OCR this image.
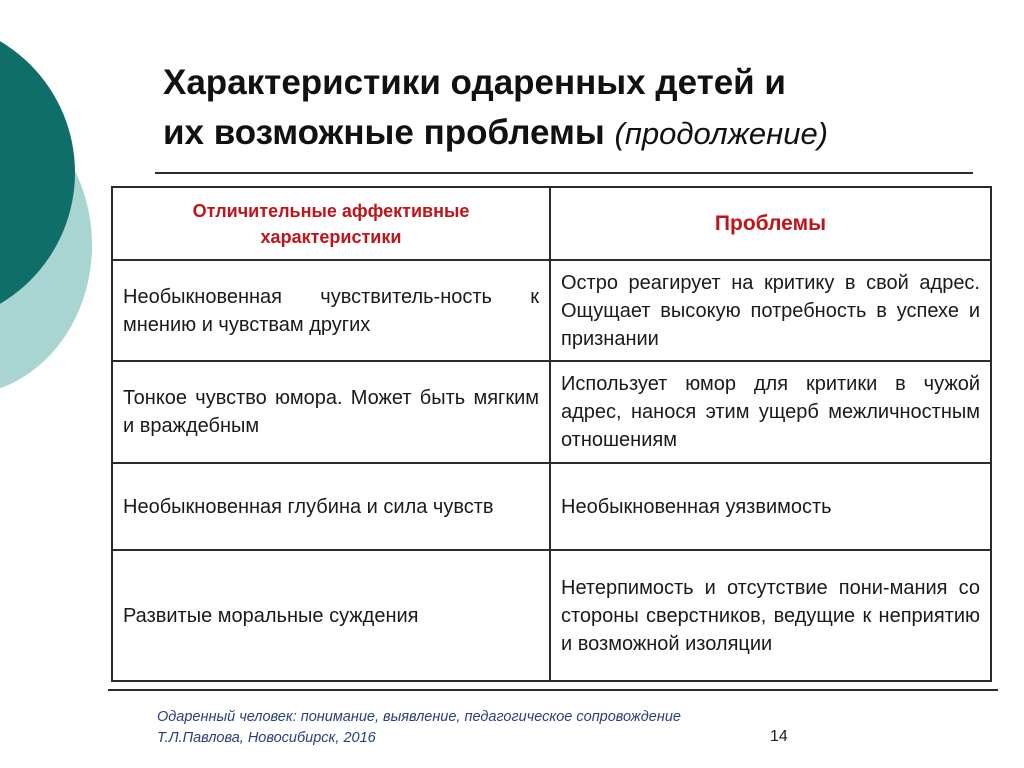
Характеристики одаренных детей и
их возможные проблемы (продолжение)
Отличительные аффективные характеристики	Проблемы
Необыкновенная чувствитель-ность к мнению и чувствам других	Остро реагирует на критику в свой адрес. Ощущает высокую потребность в успехе и признании
Тонкое чувство юмора. Может быть мягким и враждебным	Использует юмор для критики в чужой адрес, нанося этим ущерб межличностным отношениям
Необыкновенная глубина и сила чувств	Необыкновенная уязвимость
Развитые моральные суждения	Нетерпимость и отсутствие пони-мания со стороны сверстников, ведущие к неприятию и возможной изоляции
Одаренный человек: понимание, выявление, педагогическое сопровождение
Т.Л.Павлова, Новосибирск, 2016	14
